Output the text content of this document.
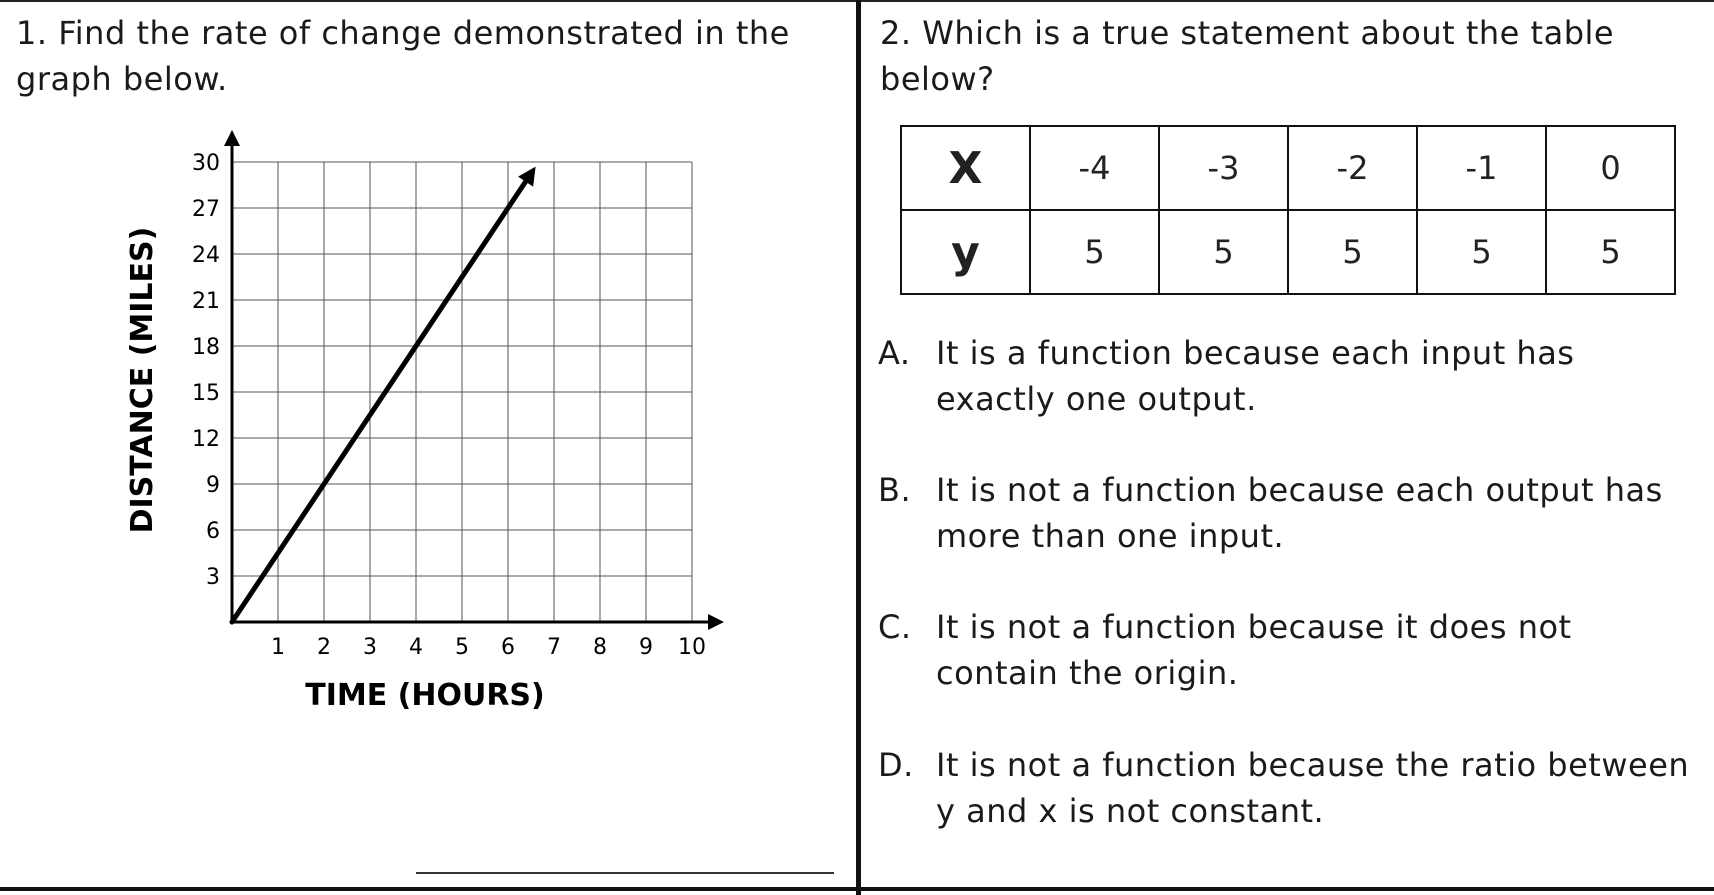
1. Find the rate of change demonstrated in the graph below.
1 2 3 4 5 6 7 8 9 10
3
6
9
12
15
18
21
24
27
30
TIME (HOURS)
DISTANCE (MILES)
2. Which is a true statement about the table below?
X	-4	-3	-2	-1	0
y	5	5	5	5	5
A. It is a function because each input has exactly one output.
B. It is not a function because each output has more than one input.
C. It is not a function because it does not contain the origin.
D. It is not a function because the ratio between y and x is not constant.
